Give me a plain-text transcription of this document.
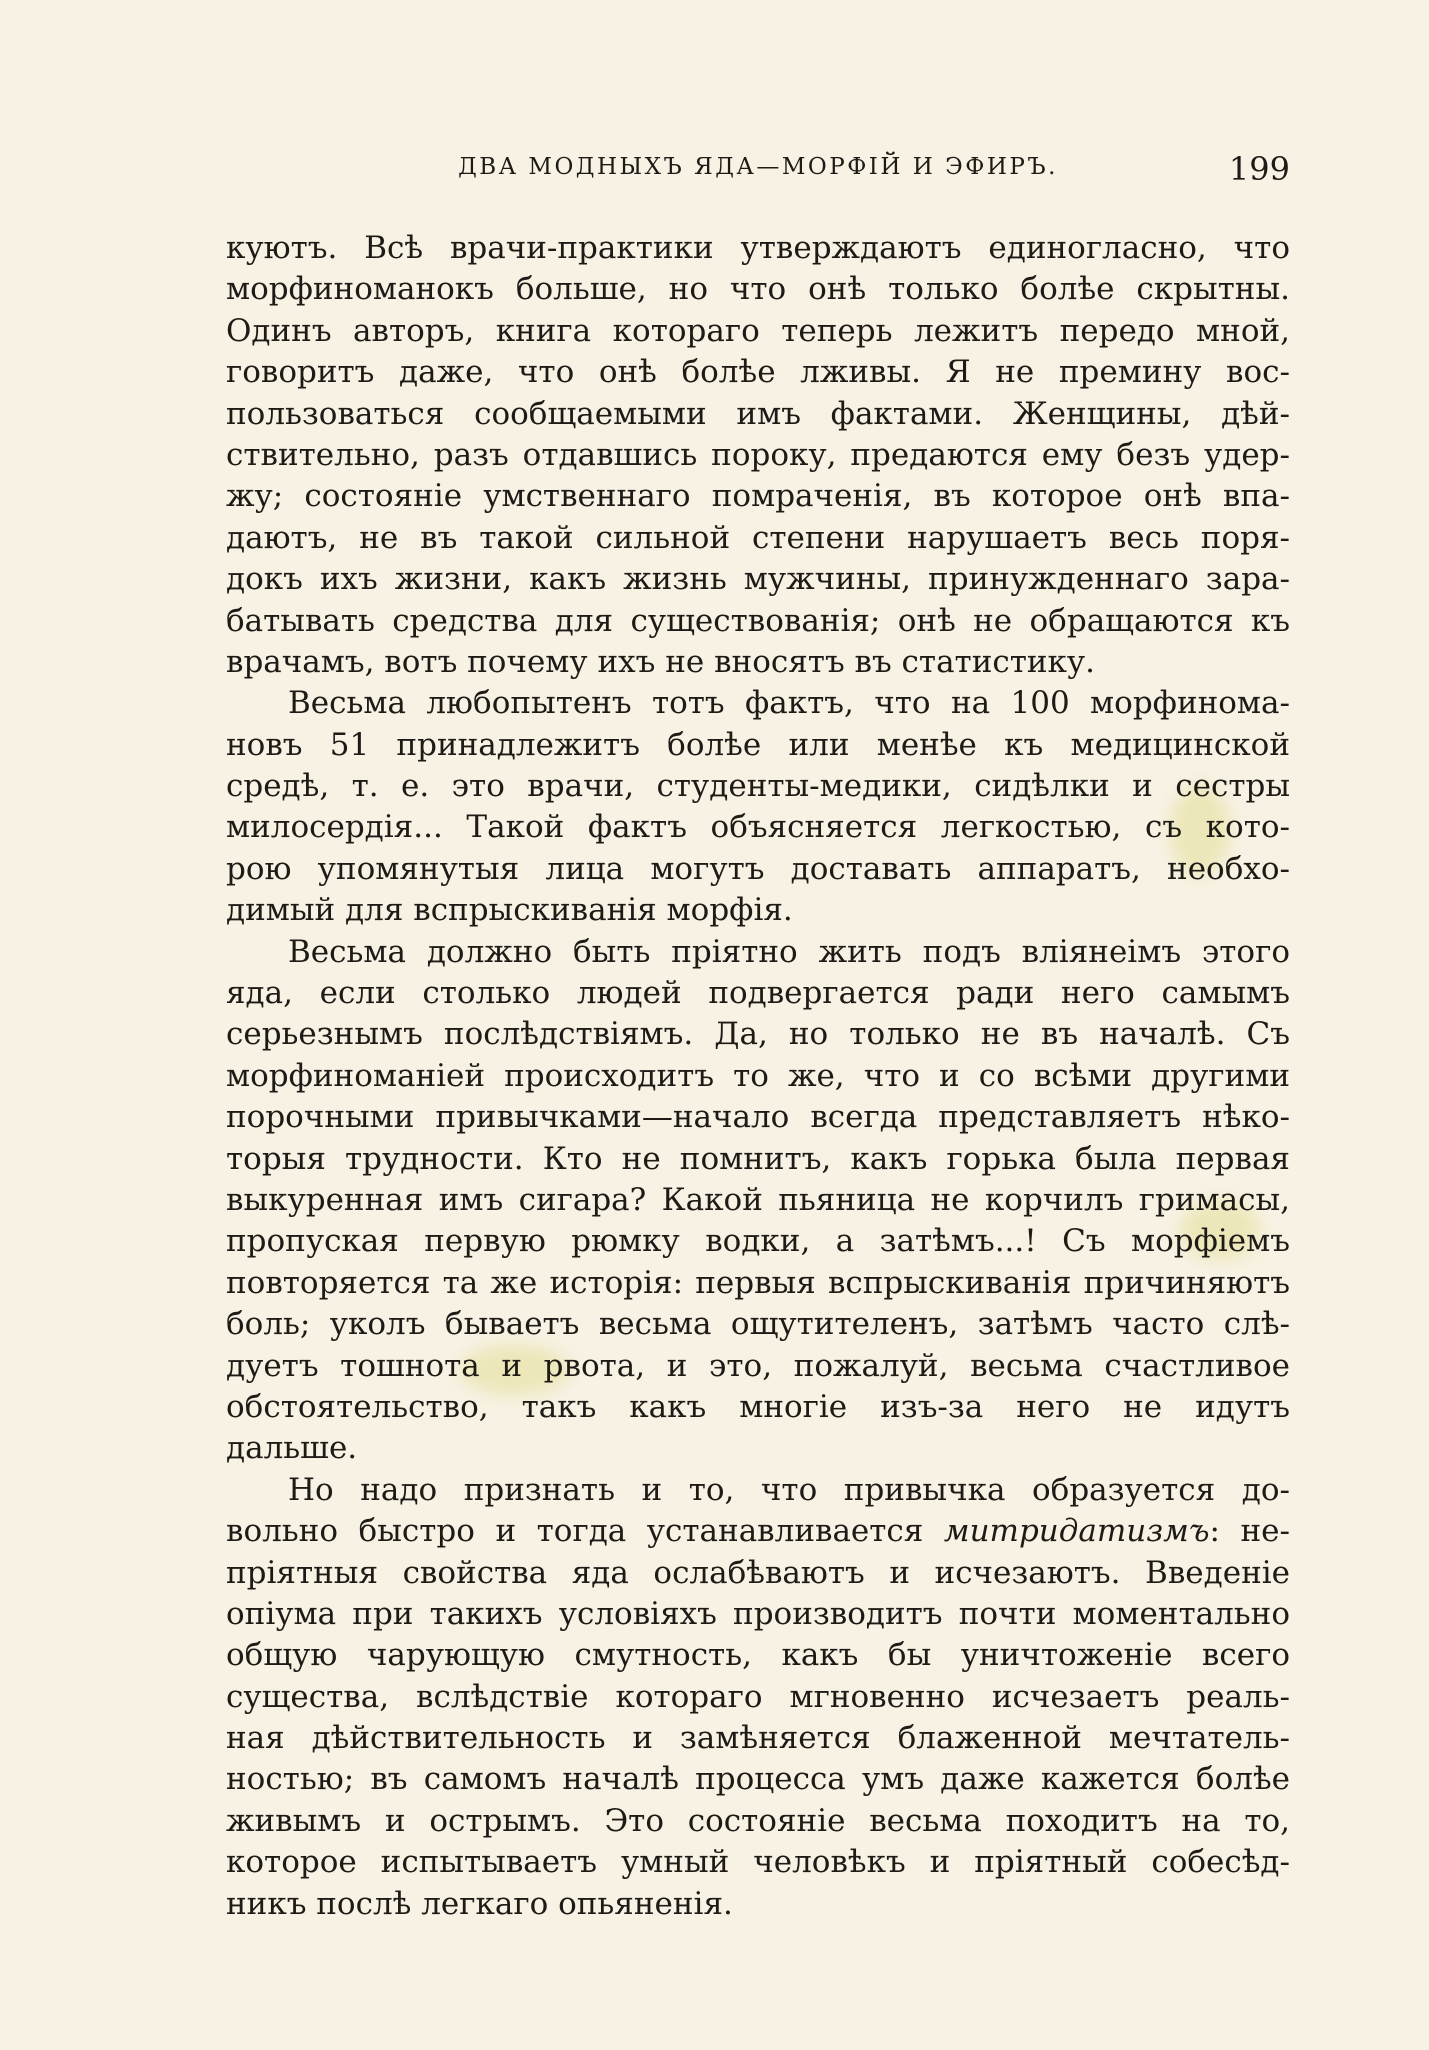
ДВА МОДНЫХЪ ЯДА—МОРФІЙ И ЭФИРЪ.	199
куютъ. Всѣ врачи-практики утверждаютъ единогласно, что
морфиноманокъ больше, но что онѣ только болѣе скрытны.
Одинъ авторъ, книга котораго теперь лежитъ передо мной,
говоритъ даже, что онѣ болѣе лживы. Я не премину вос-
пользоваться сообщаемыми имъ фактами. Женщины, дѣй-
ствительно, разъ отдавшись пороку, предаются ему безъ удер-
жу; состояніе умственнаго помраченія, въ которое онѣ впа-
даютъ, не въ такой сильной степени нарушаетъ весь поря-
докъ ихъ жизни, какъ жизнь мужчины, принужденнаго зара-
батывать средства для существованія; онѣ не обращаются къ
врачамъ, вотъ почему ихъ не вносятъ въ статистику.
Весьма любопытенъ тотъ фактъ, что на 100 морфинома-
новъ 51 принадлежитъ болѣе или менѣе къ медицинской
средѣ, т. е. это врачи, студенты-медики, сидѣлки и сестры
милосердія... Такой фактъ объясняется легкостью, съ кото-
рою упомянутыя лица могутъ доставать аппаратъ, необхо-
димый для вспрыскиванія морфія.
Весьма должно быть пріятно жить подъ вліянеімъ этого
яда, если столько людей подвергается ради него самымъ
серьезнымъ послѣдствіямъ. Да, но только не въ началѣ. Съ
морфиноманіей происходитъ то же, что и со всѣми другими
порочными привычками—начало всегда представляетъ нѣко-
торыя трудности. Кто не помнитъ, какъ горька была первая
выкуренная имъ сигара? Какой пьяница не корчилъ гримасы,
пропуская первую рюмку водки, а затѣмъ...! Съ морфіемъ
повторяется та же исторія: первыя вспрыскиванія причиняютъ
боль; уколъ бываетъ весьма ощутителенъ, затѣмъ часто слѣ-
дуетъ тошнота и рвота, и это, пожалуй, весьма счастливое
обстоятельство, такъ какъ многіе изъ-за него не идутъ
дальше.
Но надо признать и то, что привычка образуется до-
вольно быстро и тогда устанавливается митридатизмъ: не-
пріятныя свойства яда ослабѣваютъ и исчезаютъ. Введеніе
опіума при такихъ условіяхъ производитъ почти моментально
общую чарующую смутность, какъ бы уничтоженіе всего
существа, вслѣдствіе котораго мгновенно исчезаетъ реаль-
ная дѣйствительность и замѣняется блаженной мечтатель-
ностью; въ самомъ началѣ процесса умъ даже кажется болѣе
живымъ и острымъ. Это состояніе весьма походитъ на то,
которое испытываетъ умный человѣкъ и пріятный собесѣд-
никъ послѣ легкаго опьяненія.
